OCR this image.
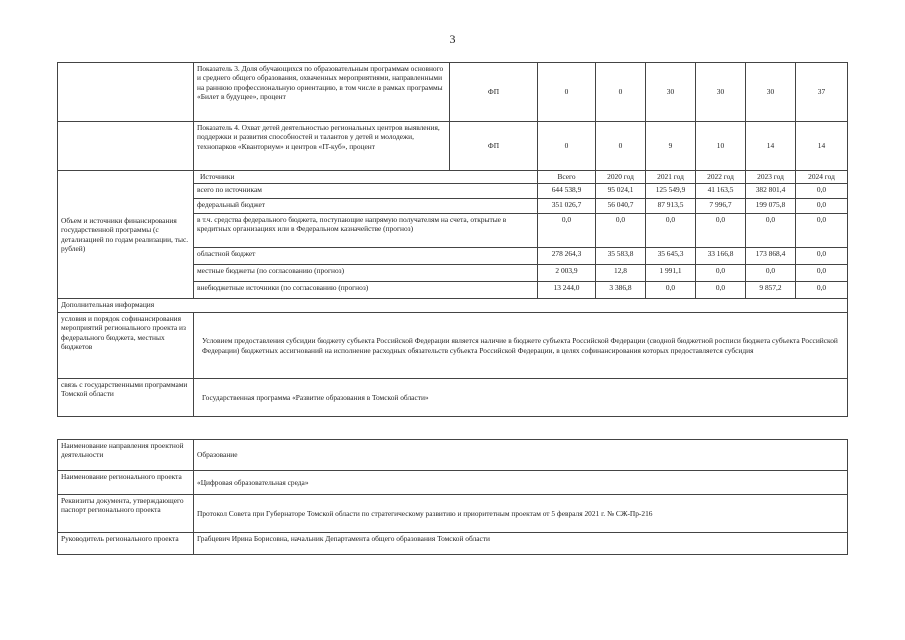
3
	Показатель 3. Доля обучающихся по образовательным программам основного и среднего общего образования, охваченных мероприятиями, направленными на раннюю профессиональную ориентацию, в том числе в рамках программы «Билет в будущее», процент	ФП	0	0	30	30	30	37
	Показатель 4. Охват детей деятельностью региональных центров выявления, поддержки и развития способностей и талантов у детей и молодежи, технопарков «Кванториум» и центров «IT-куб», процент	ФП	0	0	9	10	14	14
Объем и источники финансирования государственной программы (с детализацией по годам реализации, тыс. рублей)	Источники		Всего	2020 год	2021 год	2022 год	2023 год	2024 год
	всего по источникам		644 538,9	95 024,1	125 549,9	41 163,5	382 801,4	0,0
	федеральный бюджет		351 026,7	56 040,7	87 913,5	7 996,7	199 075,8	0,0
	в т.ч. средства федерального бюджета, поступающие напрямую получателям на счета, открытые в кредитных организациях или в Федеральном казначействе (прогноз)		0,0	0,0	0,0	0,0	0,0	0,0
	областной бюджет		278 264,3	35 583,8	35 645,3	33 166,8	173 868,4	0,0
	местные бюджеты (по согласованию (прогноз)		2 003,9	12,8	1 991,1	0,0	0,0	0,0
	внебюджетные источники (по согласованию (прогноз)		13 244,0	3 386,8	0,0	0,0	9 857,2	0,0
Дополнительная информация								
условия и порядок софинансирования мероприятий регионального проекта из федерального бюджета, местных бюджетов	Условием предоставления субсидии бюджету субъекта Российской Федерации является наличие в бюджете субъекта Российской Федерации (сводной бюджетной росписи бюджета субъекта Российской Федерации) бюджетных ассигнований на исполнение расходных обязательств субъекта Российской Федерации, в целях софинансирования которых предоставляется субсидия							
связь с государственными программами Томской области	Государственная программа «Развитие образования в Томской области»							
Наименование направления проектной деятельности	Образование
Наименование регионального проекта	«Цифровая образовательная среда»
Реквизиты документа, утверждающего паспорт регионального проекта	Протокол Совета при Губернаторе Томской области по стратегическому развитию и приоритетным проектам от 5 февраля 2021 г. № СЖ-Пр-216
Руководитель регионального проекта	Грабцевич Ирина Борисовна, начальник Департамента общего образования Томской области
